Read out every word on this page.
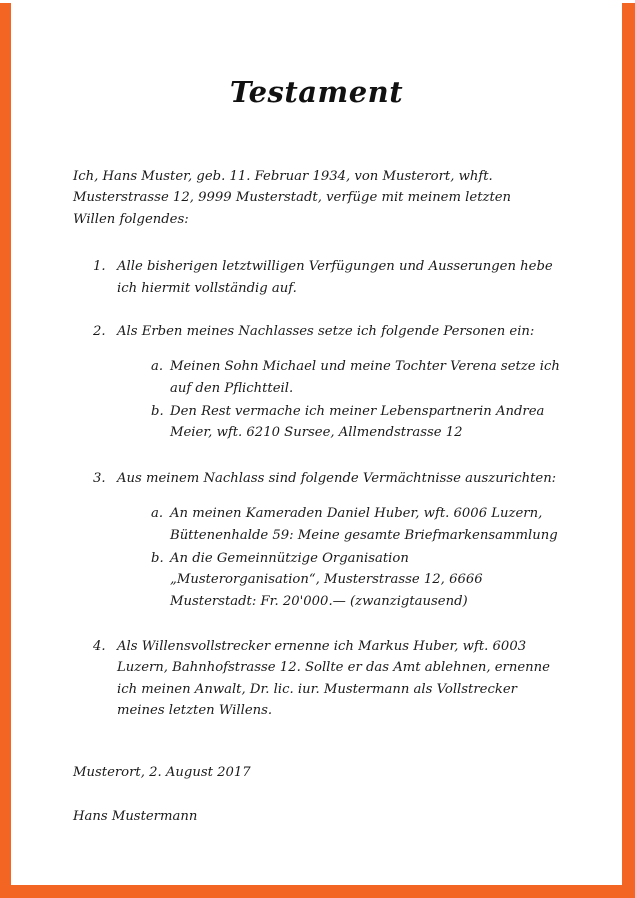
Testament

Ich, Hans Muster, geb. 11. Februar 1934, von Musterort, whft. Musterstrasse 12, 9999 Musterstadt, verfüge mit meinem letzten Willen folgendes:

1. Alle bisherigen letztwilligen Verfügungen und Ausserungen hebe ich hiermit vollständig auf.
2. Als Erben meines Nachlasses setze ich folgende Personen ein:
a. Meinen Sohn Michael und meine Tochter Verena setze ich auf den Pflichtteil.
b. Den Rest vermache ich meiner Lebenspartnerin Andrea Meier, wft. 6210 Sursee, Allmendstrasse 12
3. Aus meinem Nachlass sind folgende Vermächtnisse auszurichten:
a. An meinen Kameraden Daniel Huber, wft. 6006 Luzern, Büttenenhalde 59: Meine gesamte Briefmarkensammlung
b. An die Gemeinnützige Organisation „Musterorganisation“, Musterstrasse 12, 6666 Musterstadt: Fr. 20'000.— (zwanzigtausend)
4. Als Willensvollstrecker ernenne ich Markus Huber, wft. 6003 Luzern, Bahnhofstrasse 12. Sollte er das Amt ablehnen, ernenne ich meinen Anwalt, Dr. lic. iur. Mustermann als Vollstrecker meines letzten Willens.
Musterort, 2. August 2017
Hans Mustermann
